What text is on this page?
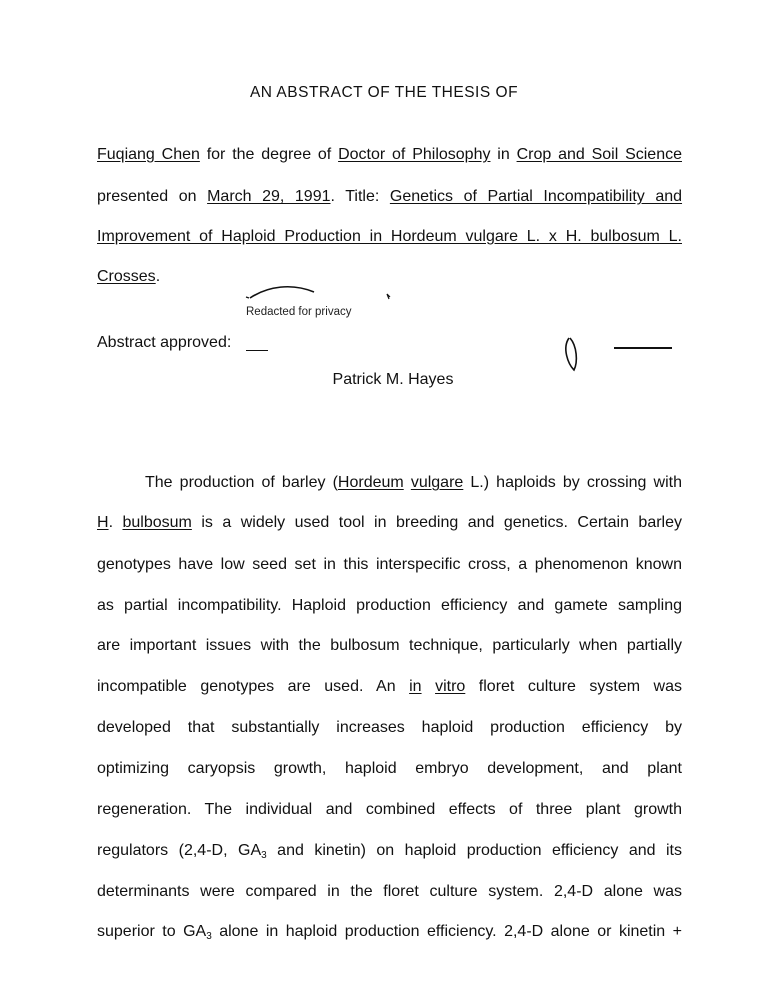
AN ABSTRACT OF THE THESIS OF
Fuqiang Chen for the degree of Doctor of Philosophy in Crop and Soil Science
presented on March 29, 1991. Title: Genetics of Partial Incompatibility and
Improvement of Haploid Production in Hordeum vulgare L. x H. bulbosum L.
Crosses.
Redacted for privacy
Abstract approved:
Patrick M. Hayes
The production of barley (Hordeum vulgare L.) haploids by crossing with
H. bulbosum is a widely used tool in breeding and genetics. Certain barley
genotypes have low seed set in this interspecific cross, a phenomenon known
as partial incompatibility. Haploid production efficiency and gamete sampling
are important issues with the bulbosum technique, particularly when partially
incompatible genotypes are used. An in vitro floret culture system was
developed that substantially increases haploid production efficiency by
optimizing caryopsis growth, haploid embryo development, and plant
regeneration. The individual and combined effects of three plant growth
regulators (2,4-D, $GA_3$ and kinetin) on haploid production efficiency and its
determinants were compared in the floret culture system. 2,4-D alone was
superior to $GA_3$ alone in haploid production efficiency. 2,4-D alone or kinetin +
